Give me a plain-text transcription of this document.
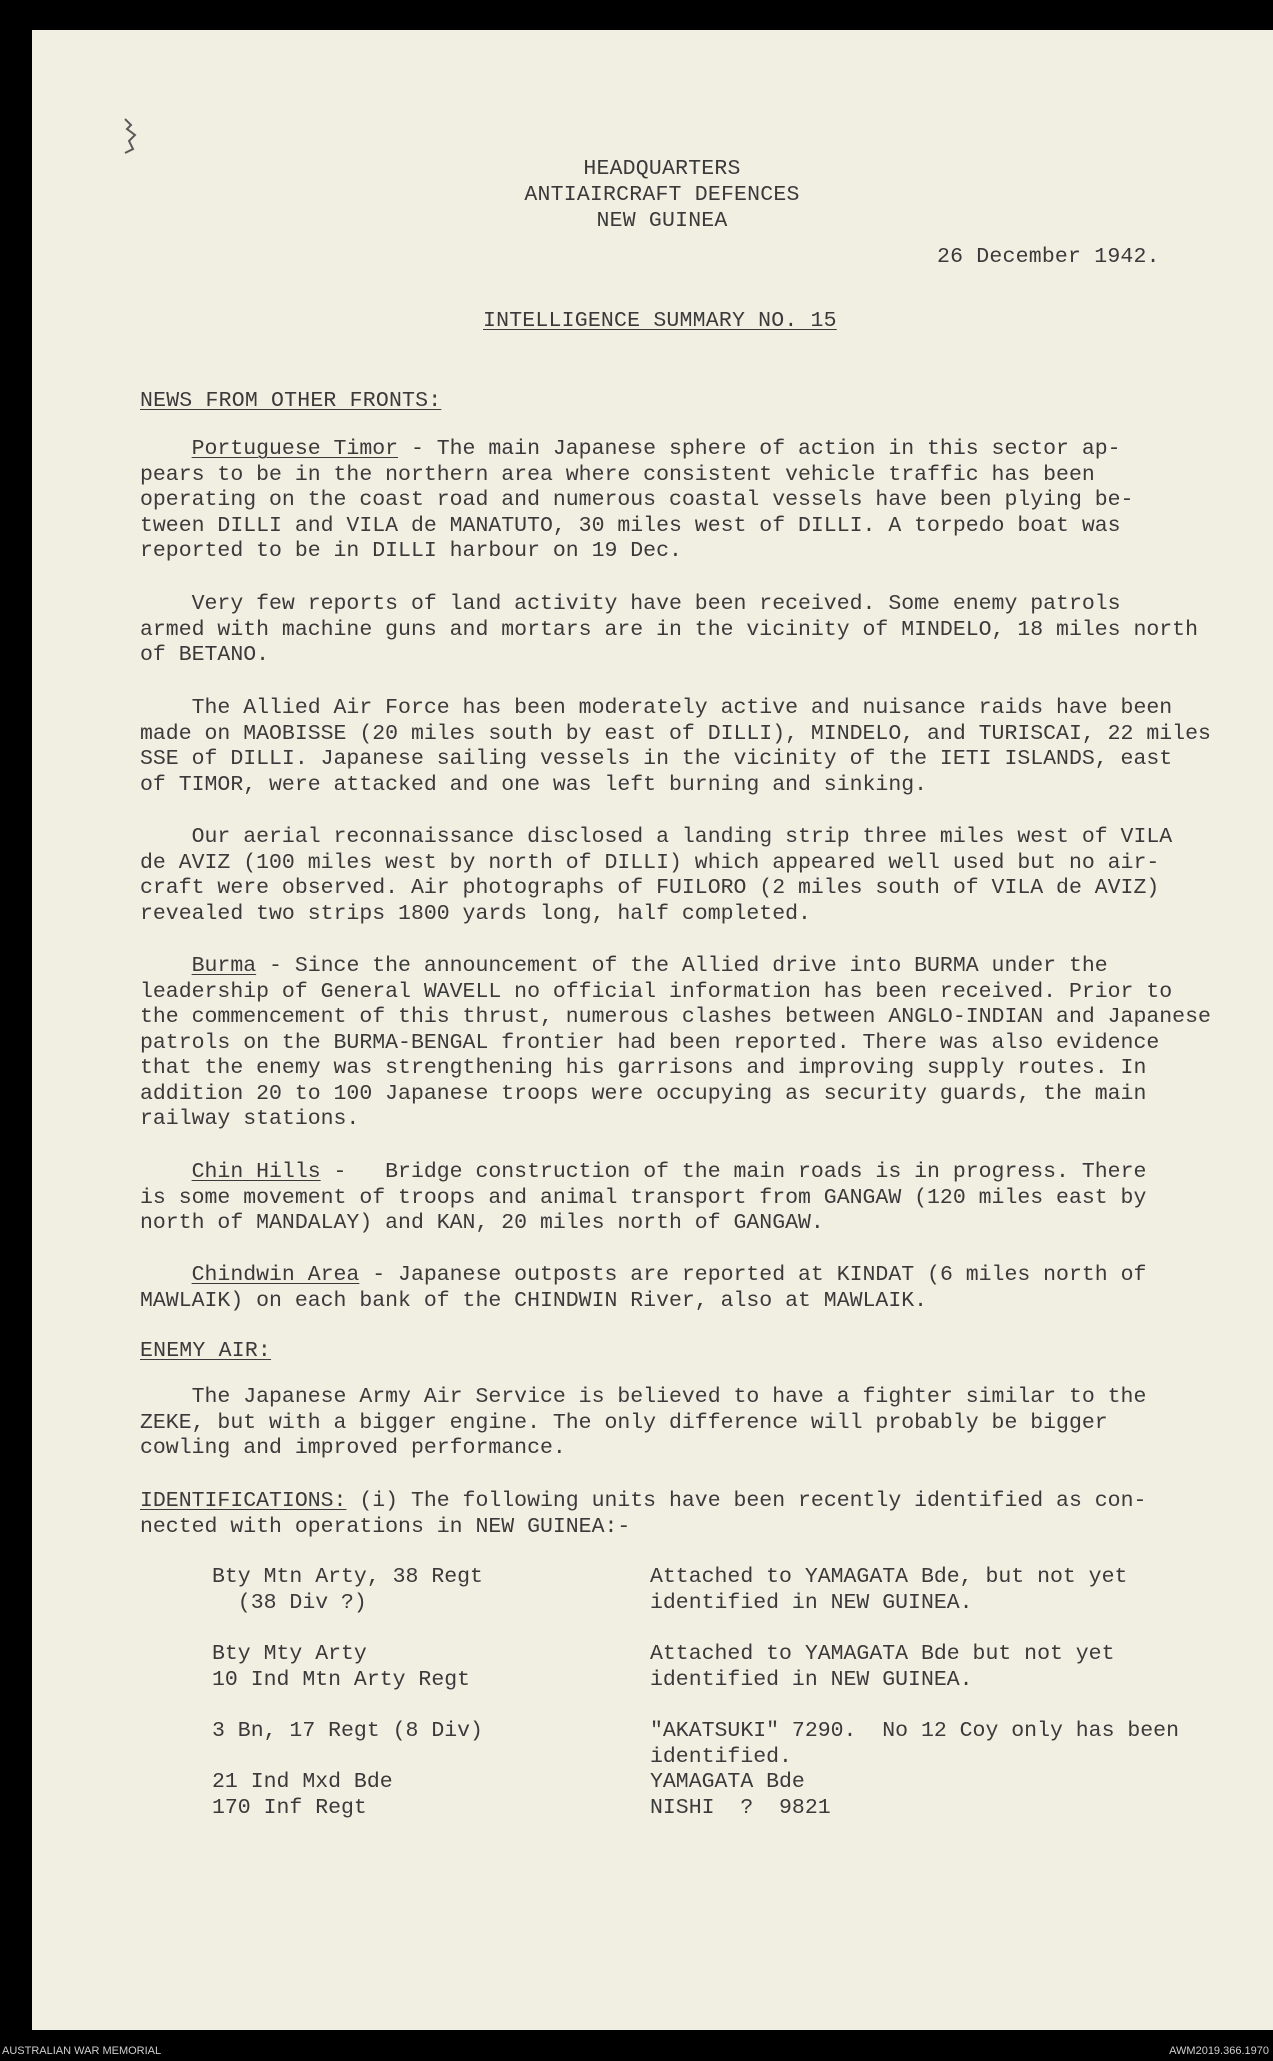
HEADQUARTERS
ANTIAIRCRAFT DEFENCES
NEW GUINEA
26 December 1942.
INTELLIGENCE SUMMARY NO. 15
NEWS FROM OTHER FRONTS:
Portuguese Timor - The main Japanese sphere of action in this sector ap-
pears to be in the northern area where consistent vehicle traffic has been
operating on the coast road and numerous coastal vessels have been plying be-
tween DILLI and VILA de MANATUTO, 30 miles west of DILLI. A torpedo boat was
reported to be in DILLI harbour on 19 Dec.
Very few reports of land activity have been received. Some enemy patrols
armed with machine guns and mortars are in the vicinity of MINDELO, 18 miles north
of BETANO.
The Allied Air Force has been moderately active and nuisance raids have been
made on MAOBISSE (20 miles south by east of DILLI), MINDELO, and TURISCAI, 22 miles
SSE of DILLI. Japanese sailing vessels in the vicinity of the IETI ISLANDS, east
of TIMOR, were attacked and one was left burning and sinking.
Our aerial reconnaissance disclosed a landing strip three miles west of VILA
de AVIZ (100 miles west by north of DILLI) which appeared well used but no air-
craft were observed. Air photographs of FUILORO (2 miles south of VILA de AVIZ)
revealed two strips 1800 yards long, half completed.
Burma - Since the announcement of the Allied drive into BURMA under the
leadership of General WAVELL no official information has been received. Prior to
the commencement of this thrust, numerous clashes between ANGLO-INDIAN and Japanese
patrols on the BURMA-BENGAL frontier had been reported. There was also evidence
that the enemy was strengthening his garrisons and improving supply routes. In
addition 20 to 100 Japanese troops were occupying as security guards, the main
railway stations.
Chin Hills -   Bridge construction of the main roads is in progress. There
is some movement of troops and animal transport from GANGAW (120 miles east by
north of MANDALAY) and KAN, 20 miles north of GANGAW.
Chindwin Area - Japanese outposts are reported at KINDAT (6 miles north of
MAWLAIK) on each bank of the CHINDWIN River, also at MAWLAIK.
ENEMY AIR:
The Japanese Army Air Service is believed to have a fighter similar to the
ZEKE, but with a bigger engine. The only difference will probably be bigger
cowling and improved performance.
IDENTIFICATIONS: (i) The following units have been recently identified as con-
nected with operations in NEW GUINEA:-
Bty Mtn Arty, 38 Regt
(38 Div ?)
Attached to YAMAGATA Bde, but not yet
identified in NEW GUINEA.
Bty Mty Arty
10 Ind Mtn Arty Regt
Attached to YAMAGATA Bde but not yet
identified in NEW GUINEA.
3 Bn, 17 Regt (8 Div)	"AKATSUKI" 7290.  No 12 Coy only has been
identified.
21 Ind Mxd Bde
170 Inf Regt
YAMAGATA Bde
NISHI  ?  9821
AUSTRALIAN WAR MEMORIAL	AWM2019.366.1970
